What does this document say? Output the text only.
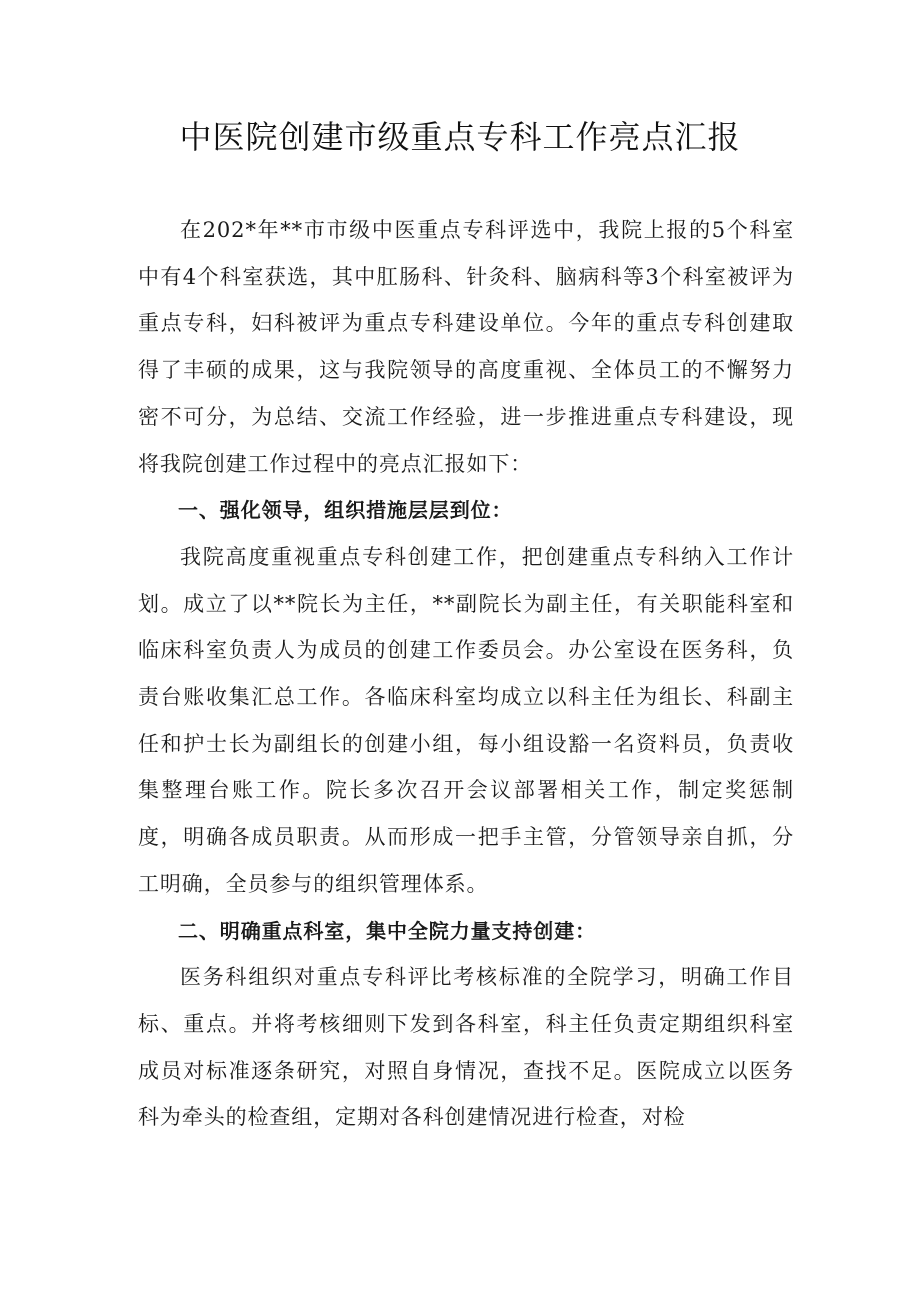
中医院创建市级重点专科工作亮点汇报

在202*年**市市级中医重点专科评选中，我院上报的5个科室中有4个科室获选，其中肛肠科、针灸科、脑病科等3个科室被评为重点专科，妇科被评为重点专科建设单位。今年的重点专科创建取得了丰硕的成果，这与我院领导的高度重视、全体员工的不懈努力密不可分，为总结、交流工作经验，进一步推进重点专科建设，现将我院创建工作过程中的亮点汇报如下：

一、强化领导，组织措施层层到位：

我院高度重视重点专科创建工作，把创建重点专科纳入工作计划。成立了以**院长为主任，**副院长为副主任，有关职能科室和临床科室负责人为成员的创建工作委员会。办公室设在医务科，负责台账收集汇总工作。各临床科室均成立以科主任为组长、科副主任和护士长为副组长的创建小组，每小组设豁一名资料员，负责收集整理台账工作。院长多次召开会议部署相关工作，制定奖惩制度，明确各成员职责。从而形成一把手主管，分管领导亲自抓，分工明确，全员参与的组织管理体系。

二、明确重点科室，集中全院力量支持创建：

医务科组织对重点专科评比考核标准的全院学习，明确工作目标、重点。并将考核细则下发到各科室，科主任负责定期组织科室成员对标准逐条研究，对照自身情况，查找不足。医院成立以医务科为牵头的检查组，定期对各科创建情况进行检查，对检
